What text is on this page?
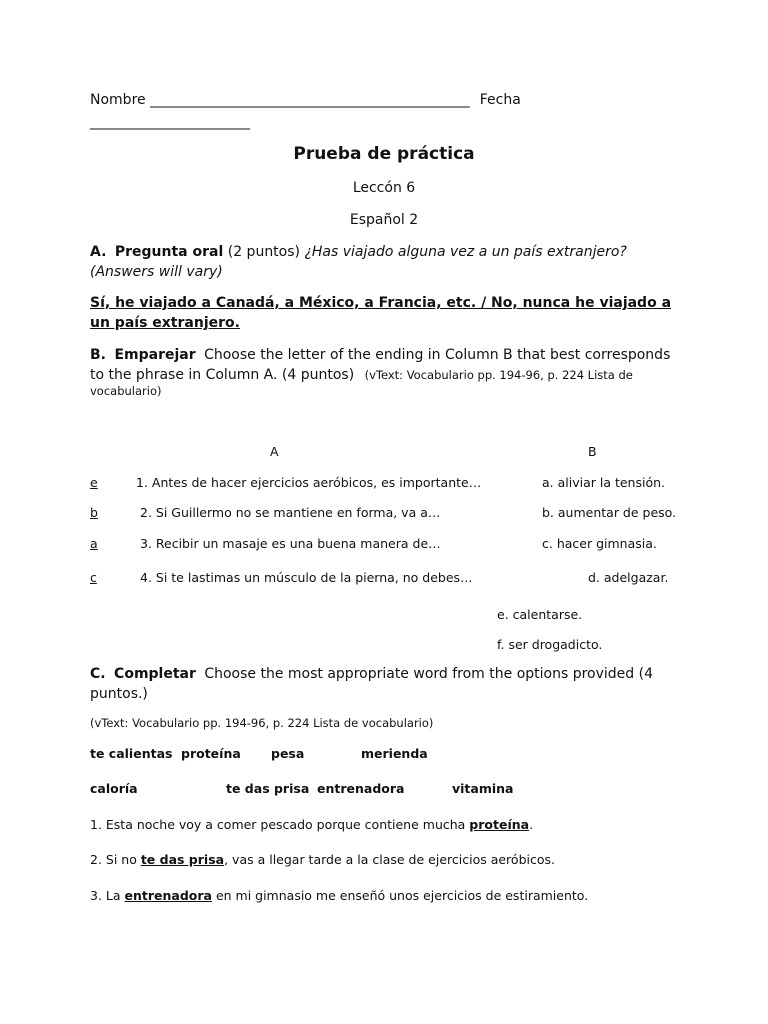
Nombre ________________________________________________ Fecha
________________________
Prueba de práctica
Leccón 6
Español 2
A. Pregunta oral (2 puntos) ¿Has viajado alguna vez a un país extranjero?
(Answers will vary)
Sí, he viajado a Canadá, a México, a Francia, etc. / No, nunca he viajado a
un país extranjero.
B. Emparejar Choose the letter of the ending in Column B that best corresponds
to the phrase in Column A. (4 puntos) (vText: Vocabulario pp. 194-96, p. 224 Lista de
vocabulario)
A	B
e	1. Antes de hacer ejercicios aeróbicos, es importante…	a. aliviar la tensión.
b	2. Si Guillermo no se mantiene en forma, va a…	b. aumentar de peso.
a	3. Recibir un masaje es una buena manera de…	c. hacer gimnasia.
c	4. Si te lastimas un músculo de la pierna, no debes…	d. adelgazar.
e. calentarse.
f. ser drogadicto.
C. Completar Choose the most appropriate word from the options provided (4
puntos.)
(vText: Vocabulario pp. 194-96, p. 224 Lista de vocabulario)
te calientas proteína pesa	merienda
caloría	te das prisa entrenadora	vitamina
1. Esta noche voy a comer pescado porque contiene mucha proteína.
2. Si no te das prisa, vas a llegar tarde a la clase de ejercicios aeróbicos.
3. La entrenadora en mi gimnasio me enseñó unos ejercicios de estiramiento.
